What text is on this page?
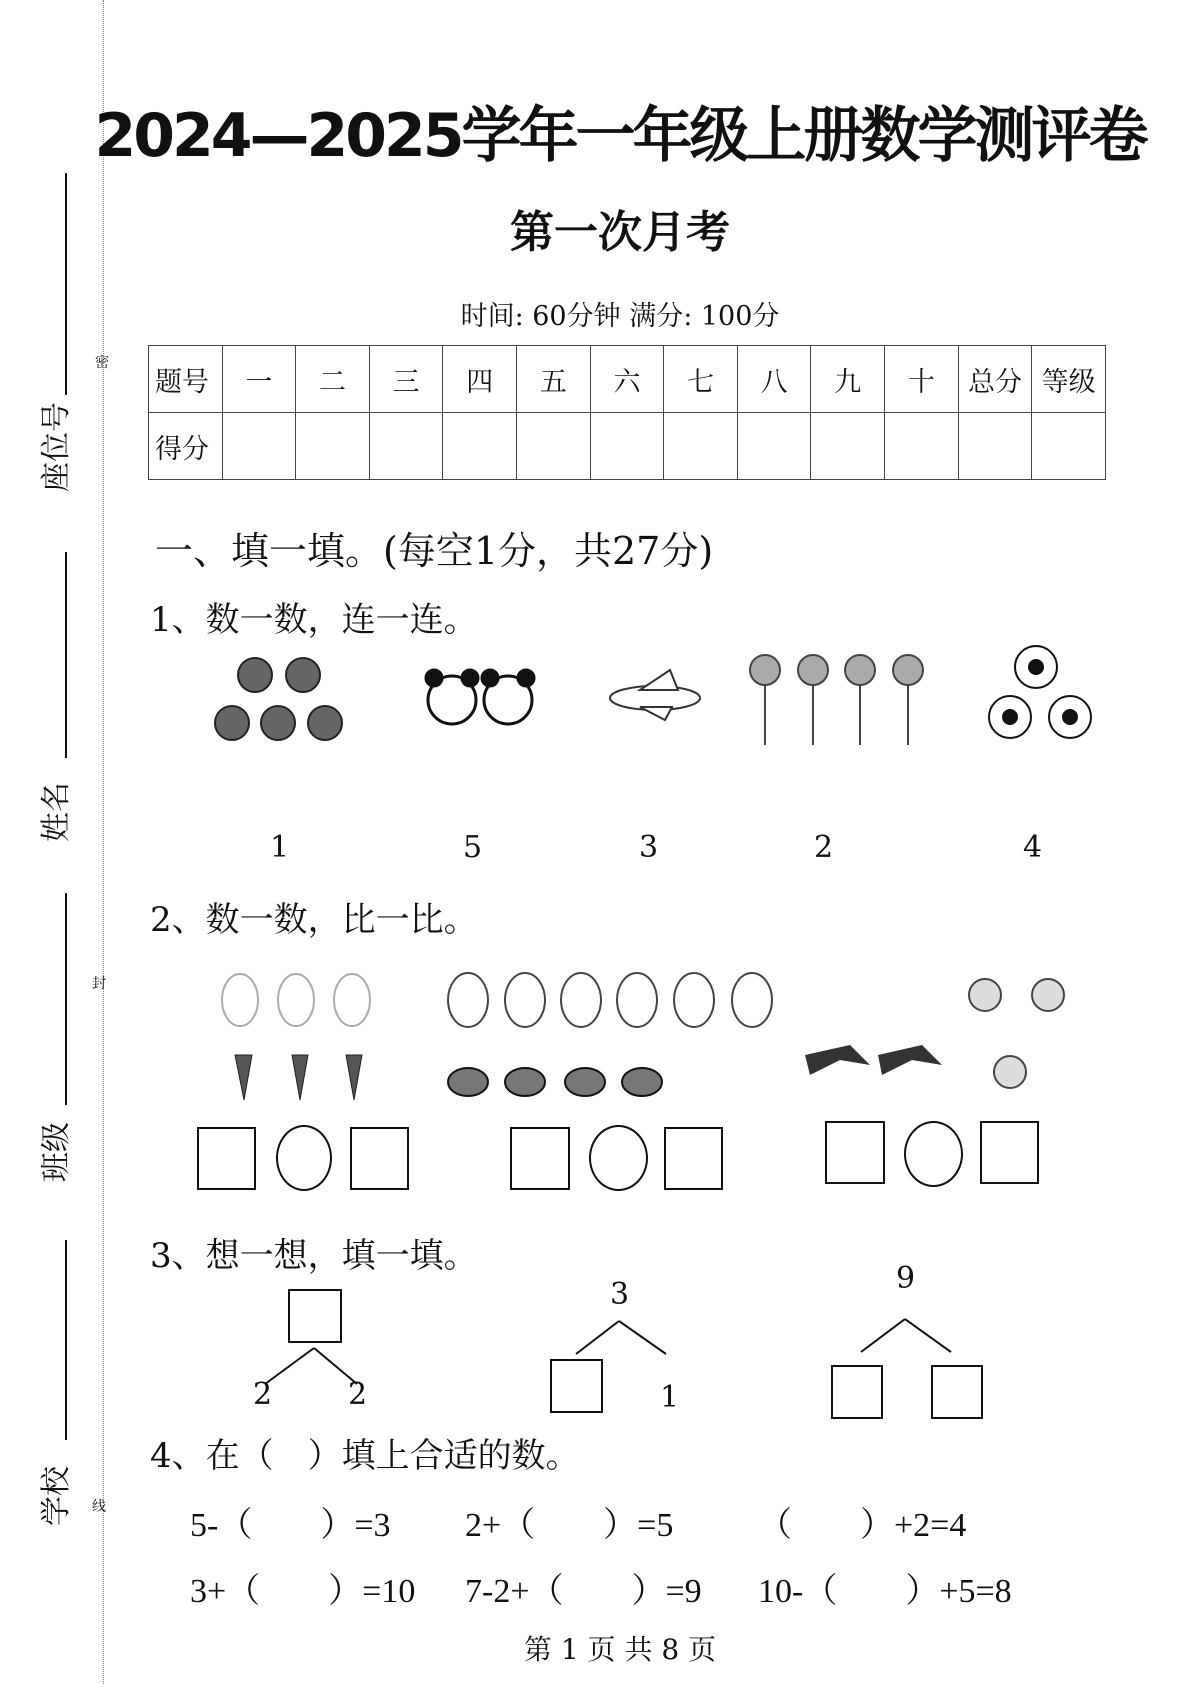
座位号
姓名
班级
学校
密
封
线
2024—2025学年一年级上册数学测评卷
第一次月考
时间: 60分钟 满分: 100分
题号	一	二	三	四	五	六	七	八	九	十	总分	等级
得分												
一、填一填。(每空1分，共27分)
1、数一数，连一连。
1	5	3	2	4
2、数一数，比一比。
3、想一想，填一填。
2	2
3
1
9
4、在（　）填上合适的数。
5-（　　）=3 2+（　　）=5 （　　）+2=4
3+（　　）=10 7-2+（　　）=9 10-（　　）+5=8
第 1 页 共 8 页
